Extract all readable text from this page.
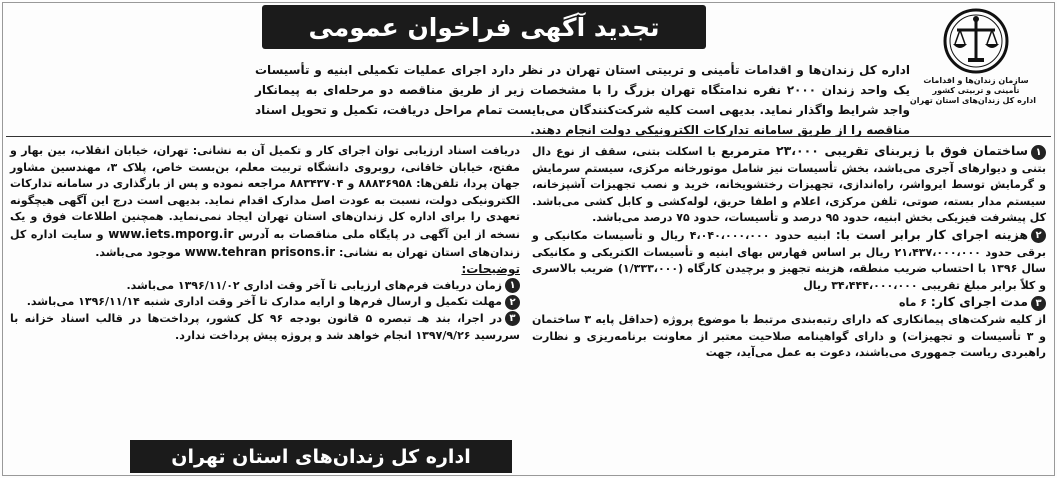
تجدید آگهی فراخوان عمومی
سازمان زندان‌ها و اقدامات
تأمینی و تربیتی کشور
اداره کل زندان‌های استان تهران
اداره کل زندان‌ها و اقدامات تأمینی و تربیتی استان تهران در نظر دارد اجرای عملیات تکمیلی ابنیه و تأسیسات یک واحد زندان ۲۰۰۰ نفره ندامتگاه تهران بزرگ را با مشخصات زیر از طریق مناقصه دو مرحله‌ای به پیمانکار واجد شرایط واگذار نماید. بدیهی است کلیه شرکت‌کنندگان می‌بایست تمام مراحل دریافت، تکمیل و تحویل اسناد مناقصه را از طریق سامانه تدارکات الکترونیکی دولت انجام دهند.

۱ساختمان فوق با زیربنای تقریبی ۲۳،۰۰۰ مترمربع با اسکلت بتنی، سقف از نوع دال بتنی و دیوارهای آجری می‌باشد، بخش تأسیسات نیز شامل موتورخانه مرکزی، سیستم سرمایش و گرمایش توسط ایرواشر، راه‌اندازی، تجهیزات رختشویخانه، خرید و نصب تجهیزات آشپزخانه، سیستم مدار بسته، صوتی، تلفن مرکزی، اعلام و اطفا حریق، لوله‌کشی و کابل کشی می‌باشد. کل پیشرفت فیزیکی بخش ابنیه، حدود ۹۵ درصد و تأسیسات، حدود ۷۵ درصد می‌باشد.

۲هزینه اجرای کار برابر است با: ابنیه حدود ۴،۰۴۰،۰۰۰،۰۰۰ ریال و تأسیسات مکانیکی و برقی حدود ۲۱،۴۳۷،۰۰۰،۰۰۰ ریال بر اساس فهارس بهای ابنیه و تأسیسات الکتریکی و مکانیکی سال ۱۳۹۶ با احتساب ضریب منطقه، هزینه تجهیز و برچیدن کارگاه (۱/۳۳۳،۰۰۰) ضریب بالاسری و کلاً برابر مبلغ تقریبی ۳۴،۴۴۴،۰۰۰،۰۰۰ ریال

۳مدت اجرای کار: ۶ ماه

از کلیه شرکت‌های پیمانکاری که دارای رتبه‌بندی مرتبط با موضوع پروژه (حداقل پایه ۳ ساختمان و ۳ تأسیسات و تجهیزات) و دارای گواهینامه صلاحیت معتبر از معاونت برنامه‌ریزی و نظارت راهبردی ریاست جمهوری می‌باشند، دعوت به عمل می‌آید، جهت

دریافت اسناد ارزیابی توان اجرای کار و تکمیل آن به نشانی: تهران، خیابان انقلاب، بین بهار و مفتح، خیابان خاقانی، روبروی دانشگاه تربیت معلم، بن‌بست خاص، پلاک ۳، مهندسین مشاور جهان پردا، تلفن‌ها: ۸۸۸۳۶۹۵۸ و ۸۸۳۴۳۷۰۴ مراجعه نموده و پس از بارگذاری در سامانه تدارکات الکترونیکی دولت، نسبت به عودت اصل مدارک اقدام نماید. بدیهی است درج این آگهی هیچگونه تعهدی را برای اداره کل زندان‌های استان تهران ایجاد نمی‌نماید. همچنین اطلاعات فوق و یک نسخه از این آگهی در پایگاه ملی مناقصات به آدرس www.iets.mporg.ir و سایت اداره کل زندان‌های استان تهران به نشانی: www.tehran prisons.ir موجود می‌باشد.

توضیحات:

۱زمان دریافت فرم‌های ارزیابی تا آخر وقت اداری ۱۳۹۶/۱۱/۰۲ می‌باشد.

۲مهلت تکمیل و ارسال فرم‌ها و ارایه مدارک تا آخر وقت اداری شنبه ۱۳۹۶/۱۱/۱۴ می‌باشد.

۳در اجرا، بند هـ تبصره ۵ قانون بودجه ۹۶ کل کشور، پرداخت‌ها در قالب اسناد خزانه با سررسید ۱۳۹۷/۹/۲۶ انجام خواهد شد و پروژه پیش پرداخت ندارد.

اداره کل زندان‌های استان تهران
